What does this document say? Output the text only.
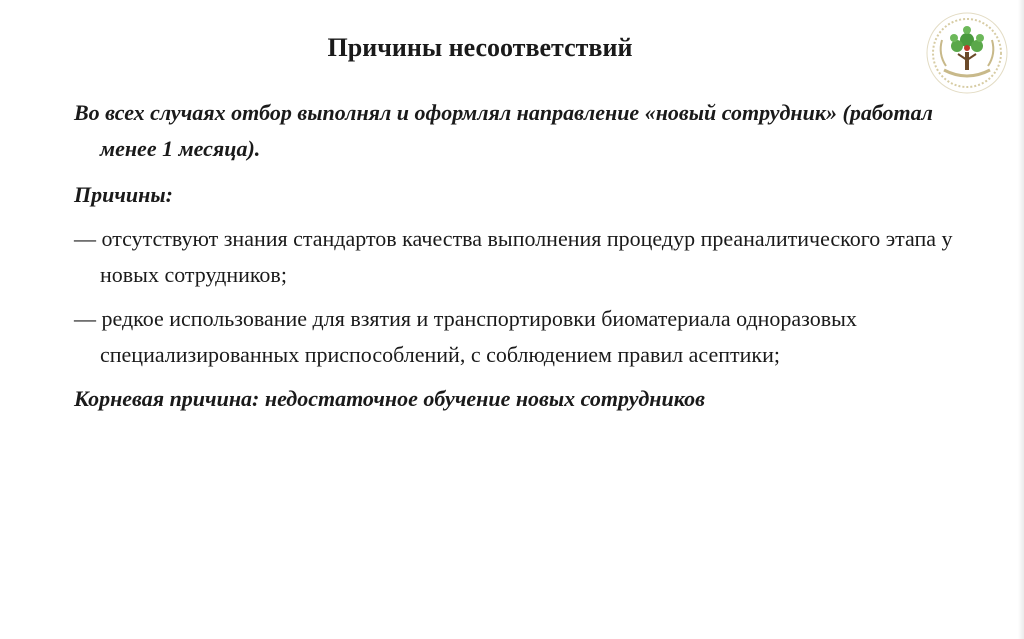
Причины несоответствий

Во всех случаях отбор выполнял и оформлял направление «новый сотрудник» (работал менее 1 месяца).

Причины:

— отсутствуют знания стандартов качества выполнения процедур преаналитического этапа у новых сотрудников;

— редкое использование для взятия и транспортировки биоматериала одноразовых специализированных приспособлений, с соблюдением правил асептики;

Корневая причина: недостаточное обучение новых сотрудников
